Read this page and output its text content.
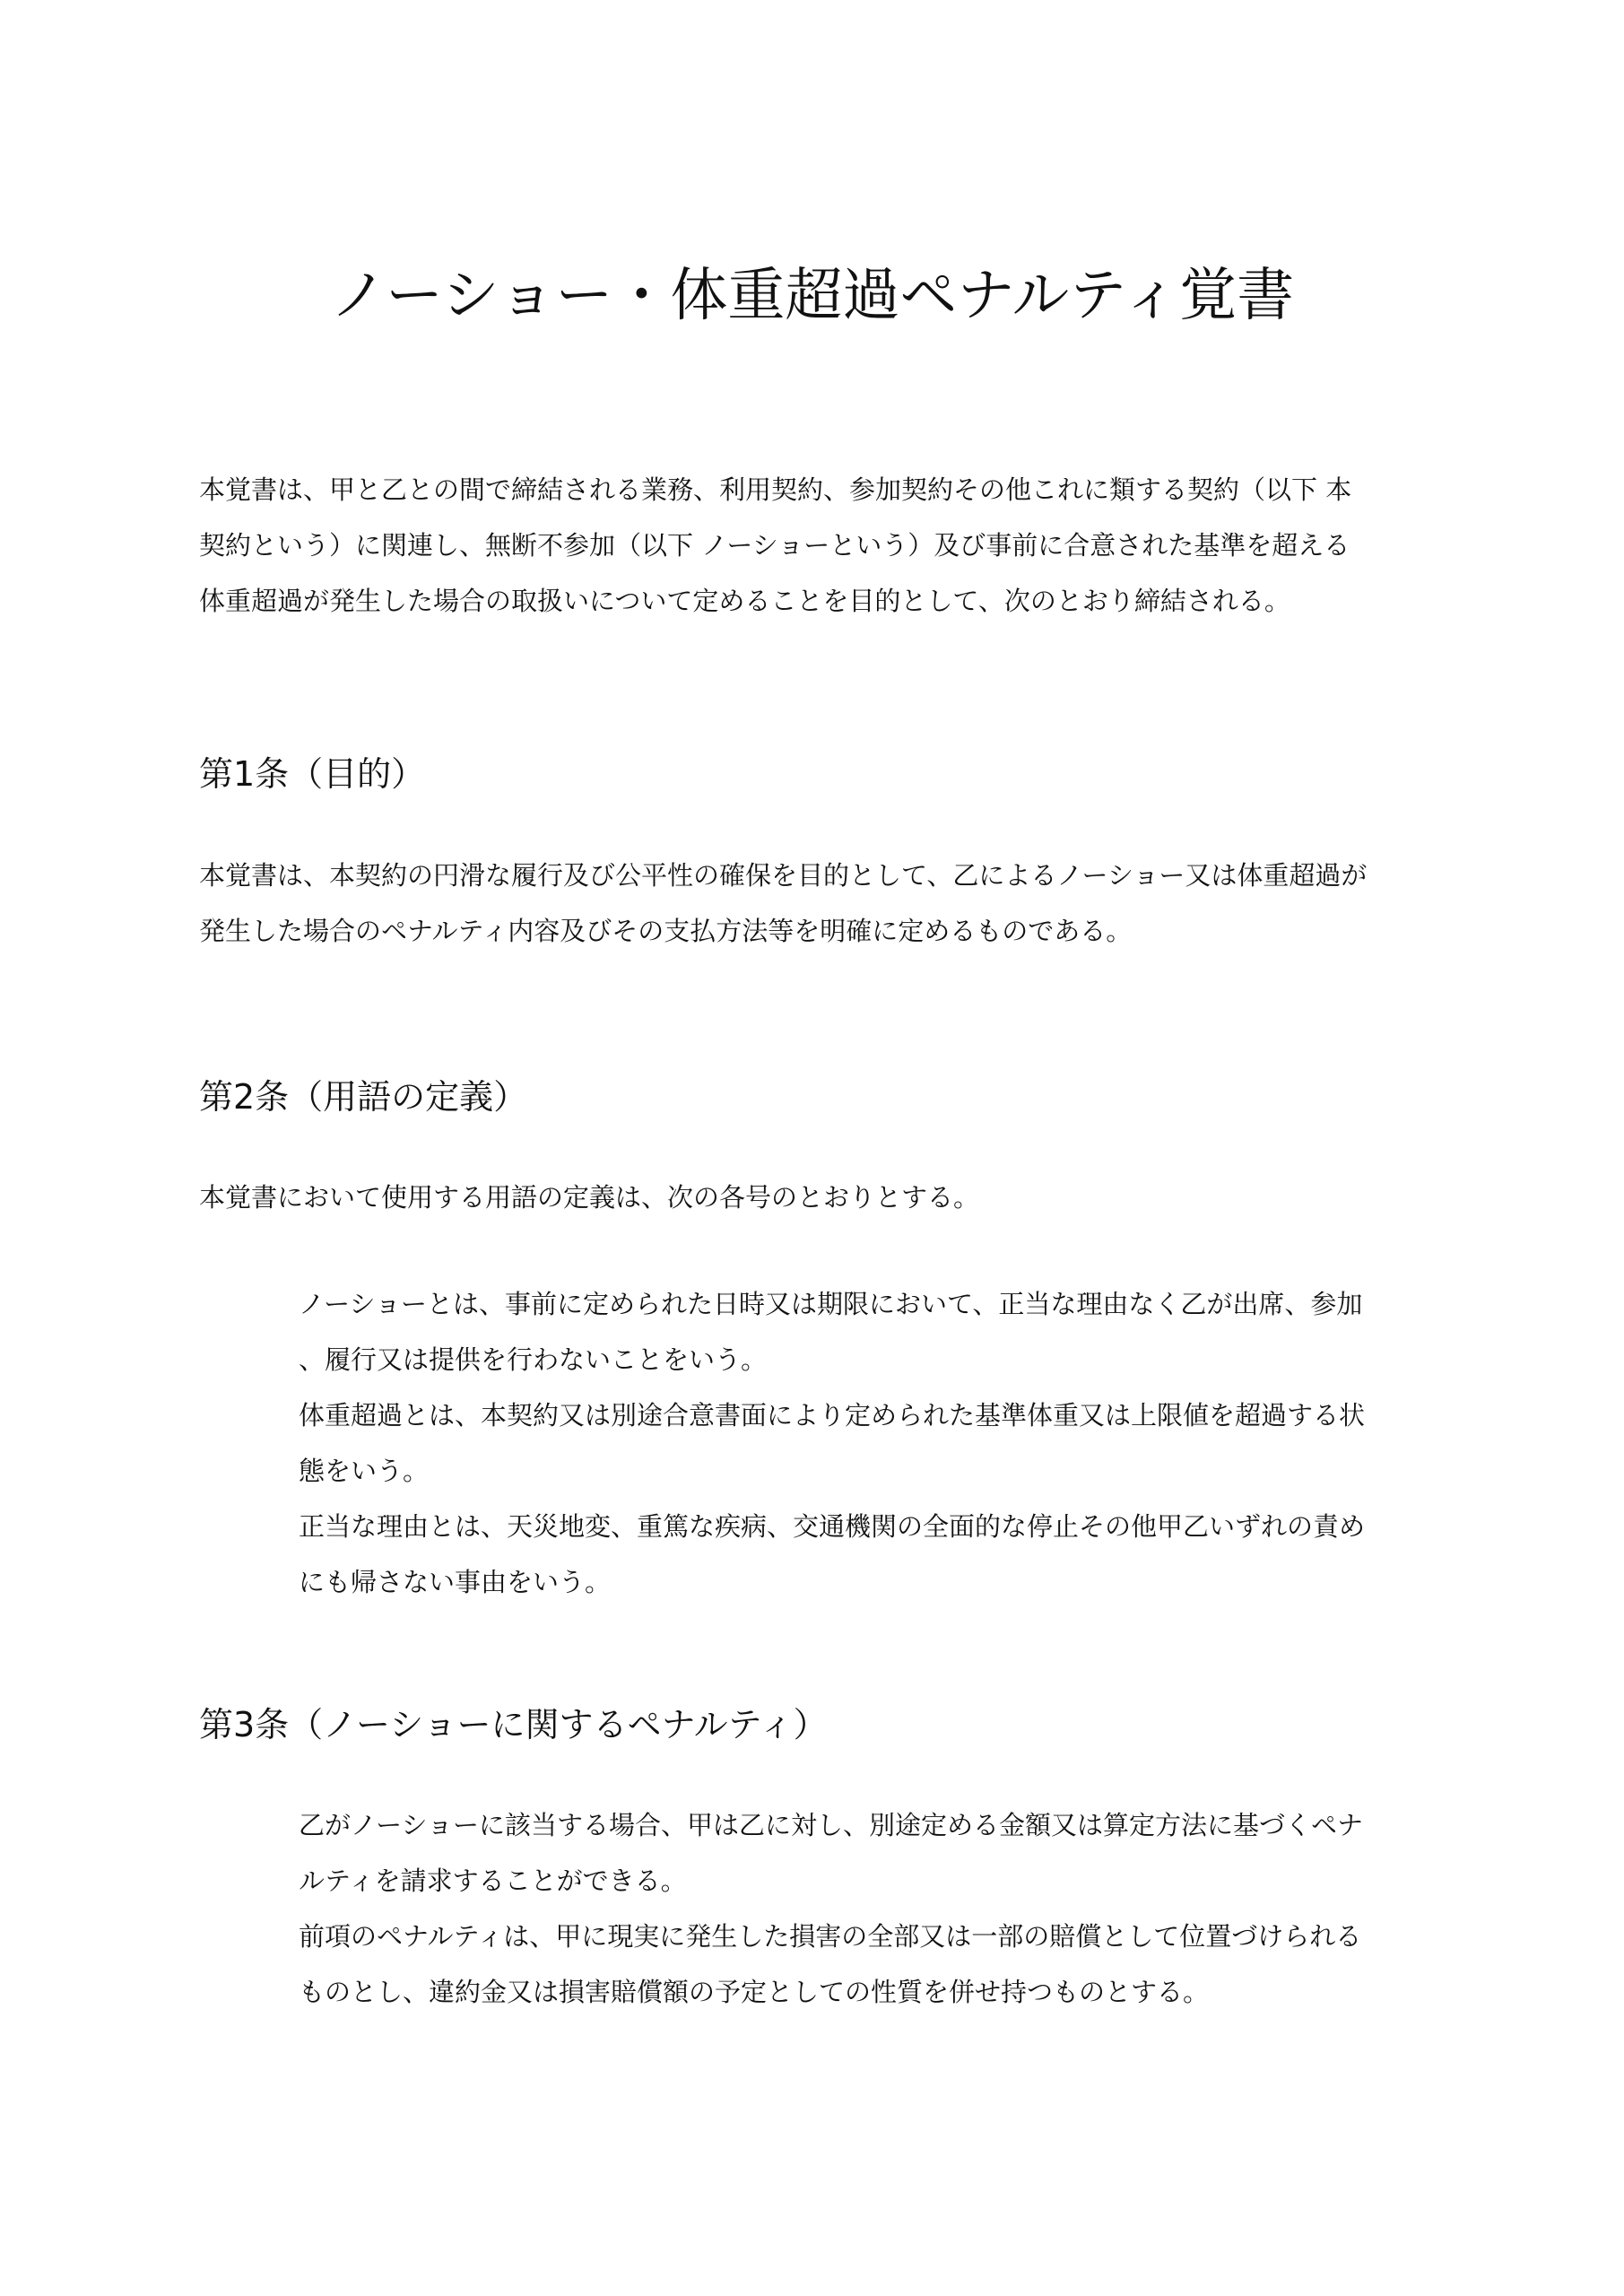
ノーショー・体重超過ペナルティ覚書

本覚書は、甲と乙との間で締結される業務、利用契約、参加契約その他これに類する契約（以下 本

契約という）に関連し、無断不参加（以下 ノーショーという）及び事前に合意された基準を超える

体重超過が発生した場合の取扱いについて定めることを目的として、次のとおり締結される。

第1条（目的）

本覚書は、本契約の円滑な履行及び公平性の確保を目的として、乙によるノーショー又は体重超過が

発生した場合のペナルティ内容及びその支払方法等を明確に定めるものである。

第2条（用語の定義）

本覚書において使用する用語の定義は、次の各号のとおりとする。

ノーショーとは、事前に定められた日時又は期限において、正当な理由なく乙が出席、参加

、履行又は提供を行わないことをいう。

体重超過とは、本契約又は別途合意書面により定められた基準体重又は上限値を超過する状

態をいう。

正当な理由とは、天災地変、重篤な疾病、交通機関の全面的な停止その他甲乙いずれの責め

にも帰さない事由をいう。

第3条（ノーショーに関するペナルティ）

乙がノーショーに該当する場合、甲は乙に対し、別途定める金額又は算定方法に基づくペナ

ルティを請求することができる。

前項のペナルティは、甲に現実に発生した損害の全部又は一部の賠償として位置づけられる

ものとし、違約金又は損害賠償額の予定としての性質を併せ持つものとする。
